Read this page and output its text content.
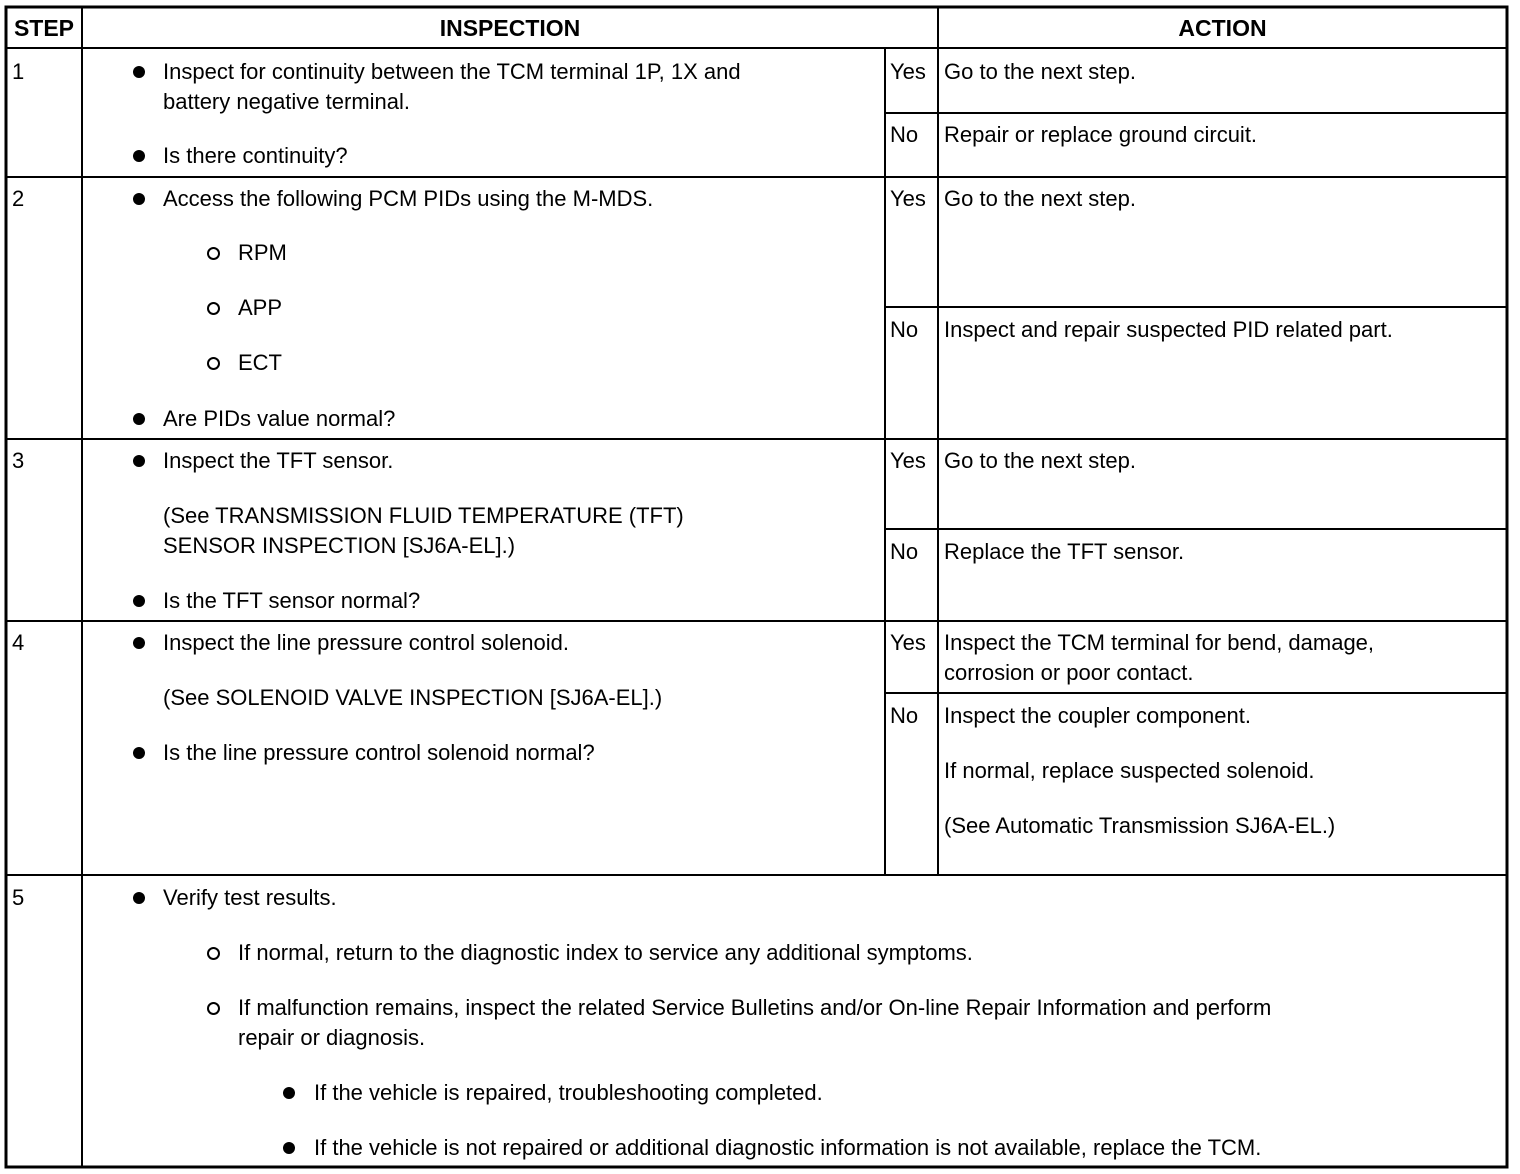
STEP	INSPECTION	ACTION
1	Inspect for continuity between the TCM terminal 1P, 1X and
battery negative terminal.
Is there continuity?
Yes Go to the next step.
No Repair or replace ground circuit.
2	Access the following PCM PIDs using the M-MDS.
RPM
APP
ECT
Are PIDs value normal?
Yes Go to the next step.
No Inspect and repair suspected PID related part.
3	Inspect the TFT sensor.
(See TRANSMISSION FLUID TEMPERATURE (TFT)
SENSOR INSPECTION [SJ6A-EL].)
Is the TFT sensor normal?
Yes Go to the next step.
No Replace the TFT sensor.
4	Inspect the line pressure control solenoid.
(See SOLENOID VALVE INSPECTION [SJ6A-EL].)
Is the line pressure control solenoid normal?
Yes Inspect the TCM terminal for bend, damage,
corrosion or poor contact.
No Inspect the coupler component.
If normal, replace suspected solenoid.
(See Automatic Transmission SJ6A-EL.)
5	Verify test results.
If normal, return to the diagnostic index to service any additional symptoms.
If malfunction remains, inspect the related Service Bulletins and/or On-line Repair Information and perform
repair or diagnosis.
If the vehicle is repaired, troubleshooting completed.
If the vehicle is not repaired or additional diagnostic information is not available, replace the TCM.
